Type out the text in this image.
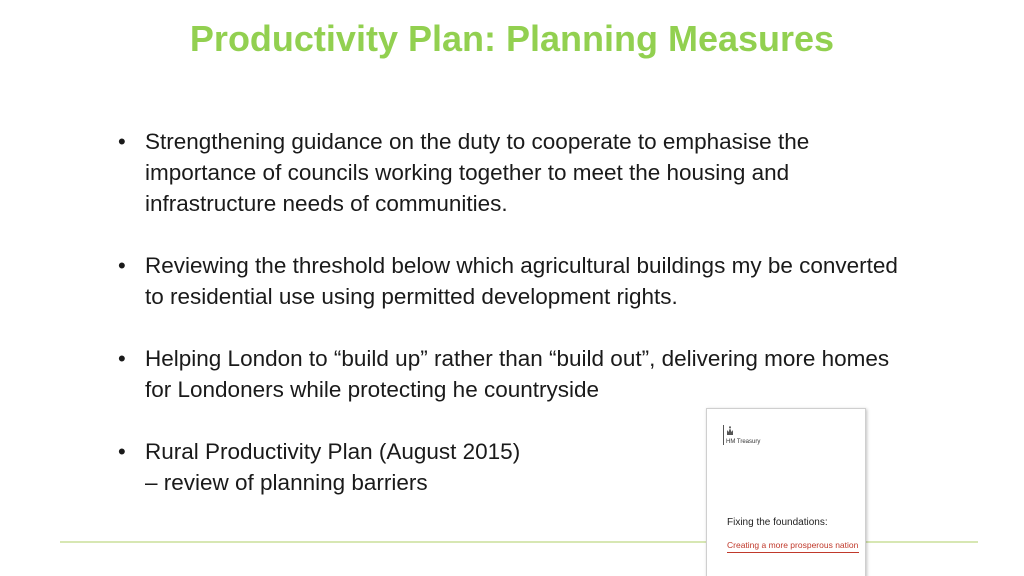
Productivity Plan: Planning Measures
• Strengthening guidance on the duty to cooperate to emphasise the importance of councils working together to meet the housing and infrastructure needs of communities.
• Reviewing the threshold below which agricultural buildings my be converted to residential use using permitted development rights.
• Helping London to “build up” rather than “build out”, delivering more homes for Londoners while protecting he countryside
• Rural Productivity Plan (August 2015)
– review of planning barriers
HM Treasury
Fixing the foundations:
Creating a more prosperous nation
